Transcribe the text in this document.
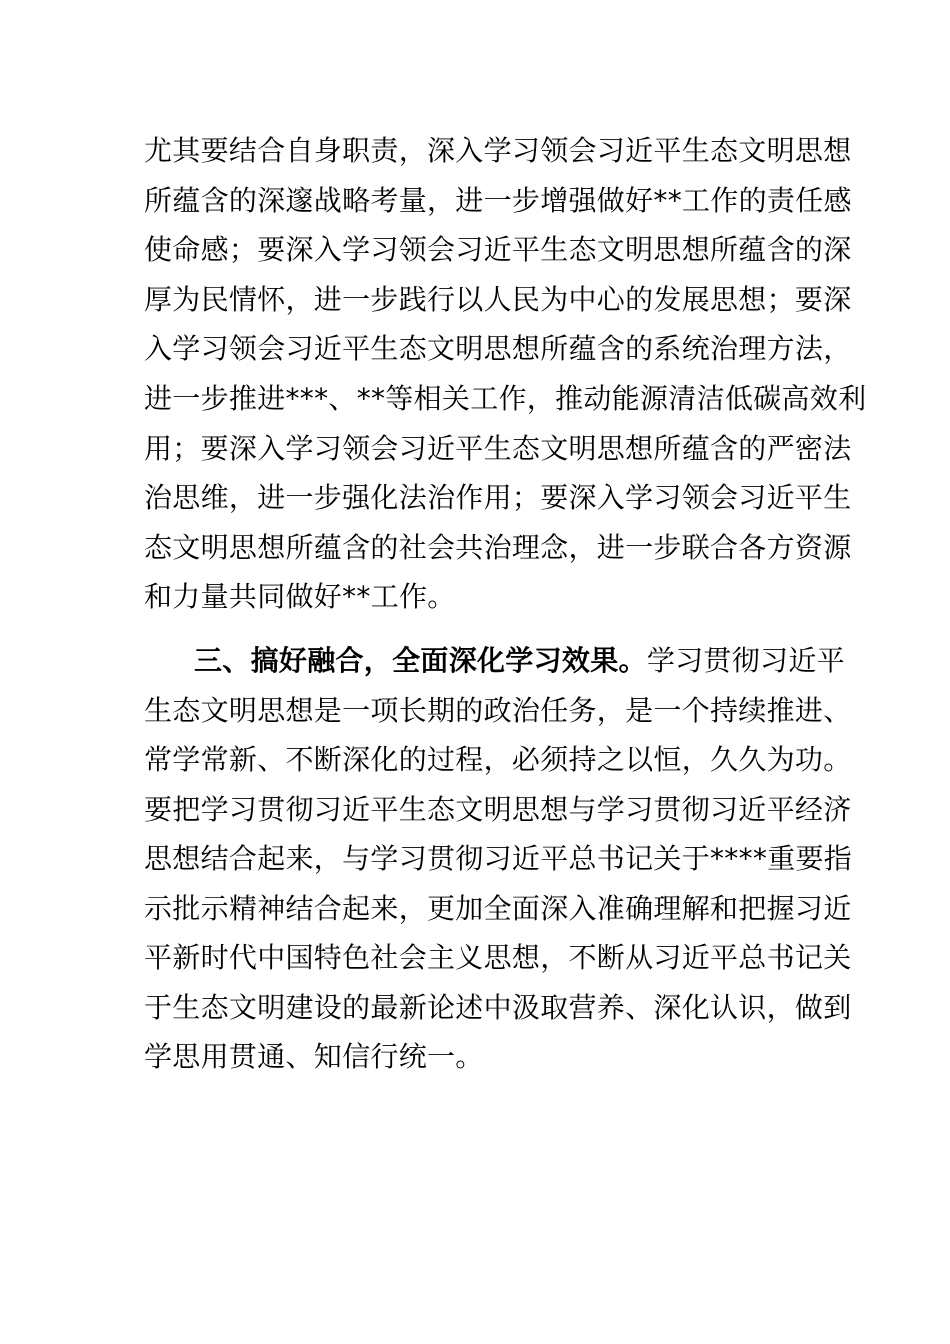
尤其要结合自身职责，深入学习领会习近平生态文明思想
所蕴含的深邃战略考量，进一步增强做好**工作的责任感
使命感；要深入学习领会习近平生态文明思想所蕴含的深
厚为民情怀，进一步践行以人民为中心的发展思想；要深
入学习领会习近平生态文明思想所蕴含的系统治理方法，
进一步推进***、**等相关工作，推动能源清洁低碳高效利
用；要深入学习领会习近平生态文明思想所蕴含的严密法
治思维，进一步强化法治作用；要深入学习领会习近平生
态文明思想所蕴含的社会共治理念，进一步联合各方资源
和力量共同做好**工作。
三、搞好融合，全面深化学习效果。学习贯彻习近平
生态文明思想是一项长期的政治任务，是一个持续推进、
常学常新、不断深化的过程，必须持之以恒，久久为功。
要把学习贯彻习近平生态文明思想与学习贯彻习近平经济
思想结合起来，与学习贯彻习近平总书记关于****重要指
示批示精神结合起来，更加全面深入准确理解和把握习近
平新时代中国特色社会主义思想，不断从习近平总书记关
于生态文明建设的最新论述中汲取营养、深化认识，做到
学思用贯通、知信行统一。
